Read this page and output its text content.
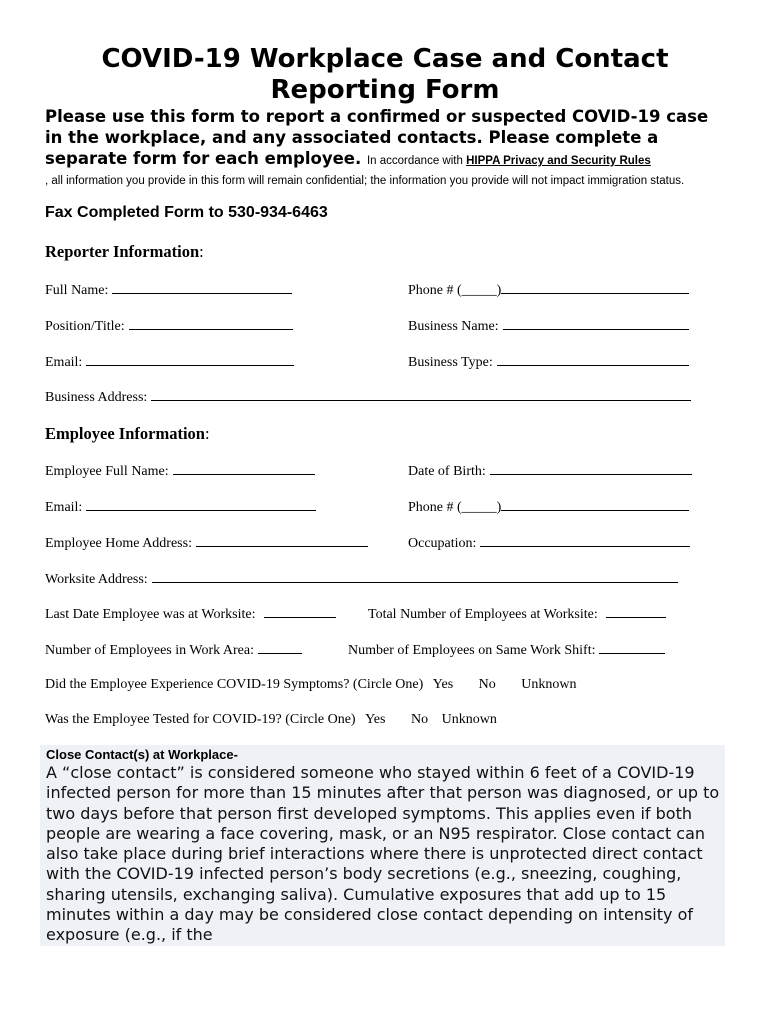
COVID-19 Workplace Case and Contact Reporting Form

Please use this form to report a confirmed or suspected COVID-19 case in the workplace, and any associated contacts. Please complete a separate form for each employee. In accordance with HIPPA Privacy and Security Rules
, all information you provide in this form will remain confidential; the information you provide will not impact immigration status.

Fax Completed Form to 530-934-6463
Reporter Information:
Full Name:	Phone # (_____)
Position/Title:	Business Name:
Email:	Business Type:
Business Address:
Employee Information:
Employee Full Name:	Date of Birth:
Email:	Phone # (_____)
Employee Home Address:	Occupation:
Worksite Address:
Last Date Employee was at Worksite:	Total Number of Employees at Worksite:
Number of Employees in Work Area:	Number of Employees on Same Work Shift:
Did the Employee Experience COVID-19 Symptoms? (Circle One) Yes No Unknown
Was the Employee Tested for COVID-19? (Circle One) Yes No Unknown
Close Contact(s) at Workplace-

A “close contact” is considered someone who stayed within 6 feet of a COVID-19 infected person for more than 15 minutes after that person was diagnosed, or up to two days before that person first developed symptoms. This applies even if both people are wearing a face covering, mask, or an N95 respirator. Close contact can also take place during brief interactions where there is unprotected direct contact with the COVID-19 infected person’s body secretions (e.g., sneezing, coughing, sharing utensils, exchanging saliva). Cumulative exposures that add up to 15 minutes within a day may be considered close contact depending on intensity of exposure (e.g., if the
